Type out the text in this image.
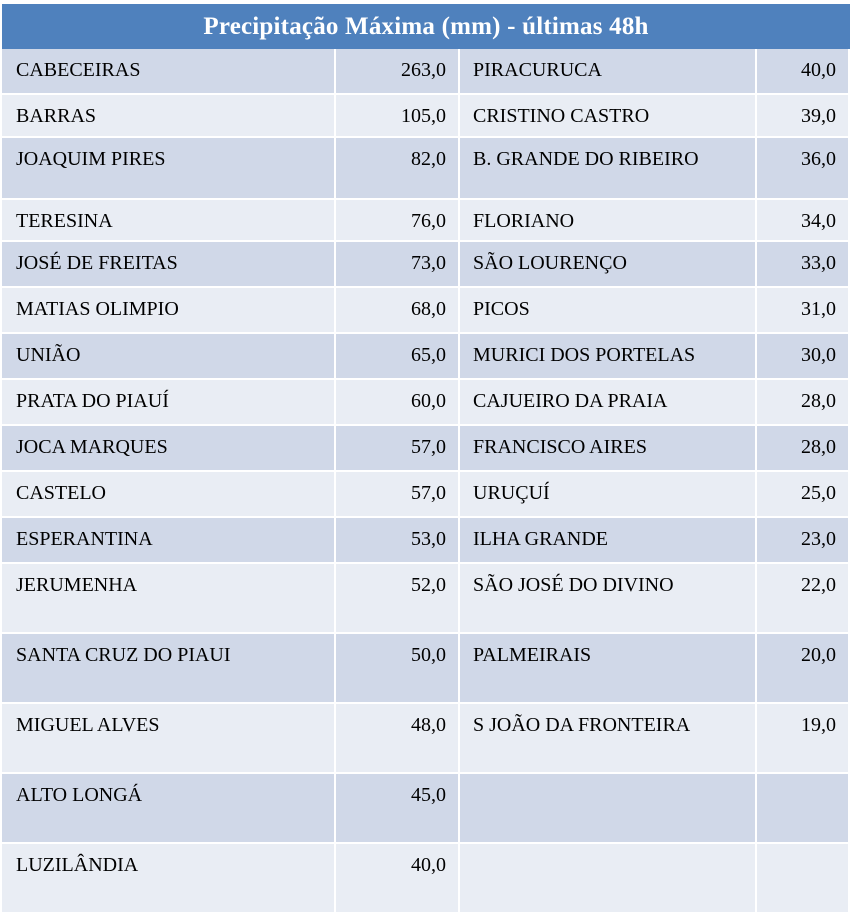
Precipitação Máxima (mm) - últimas 48h
CABECEIRAS	263,0	PIRACURUCA	40,0
BARRAS	105,0	CRISTINO CASTRO	39,0
JOAQUIM PIRES	82,0	B. GRANDE DO RIBEIRO	36,0
TERESINA	76,0	FLORIANO	34,0
JOSÉ DE FREITAS	73,0	SÃO LOURENÇO	33,0
MATIAS OLIMPIO	68,0	PICOS	31,0
UNIÃO	65,0	MURICI DOS PORTELAS	30,0
PRATA DO PIAUÍ	60,0	CAJUEIRO DA PRAIA	28,0
JOCA MARQUES	57,0	FRANCISCO AIRES	28,0
CASTELO	57,0	URUÇUÍ	25,0
ESPERANTINA	53,0	ILHA GRANDE	23,0
JERUMENHA	52,0	SÃO JOSÉ DO DIVINO	22,0
SANTA CRUZ DO PIAUI	50,0	PALMEIRAIS	20,0
MIGUEL ALVES	48,0	S JOÃO DA FRONTEIRA	19,0
ALTO LONGÁ	45,0		
LUZILÂNDIA	40,0		
